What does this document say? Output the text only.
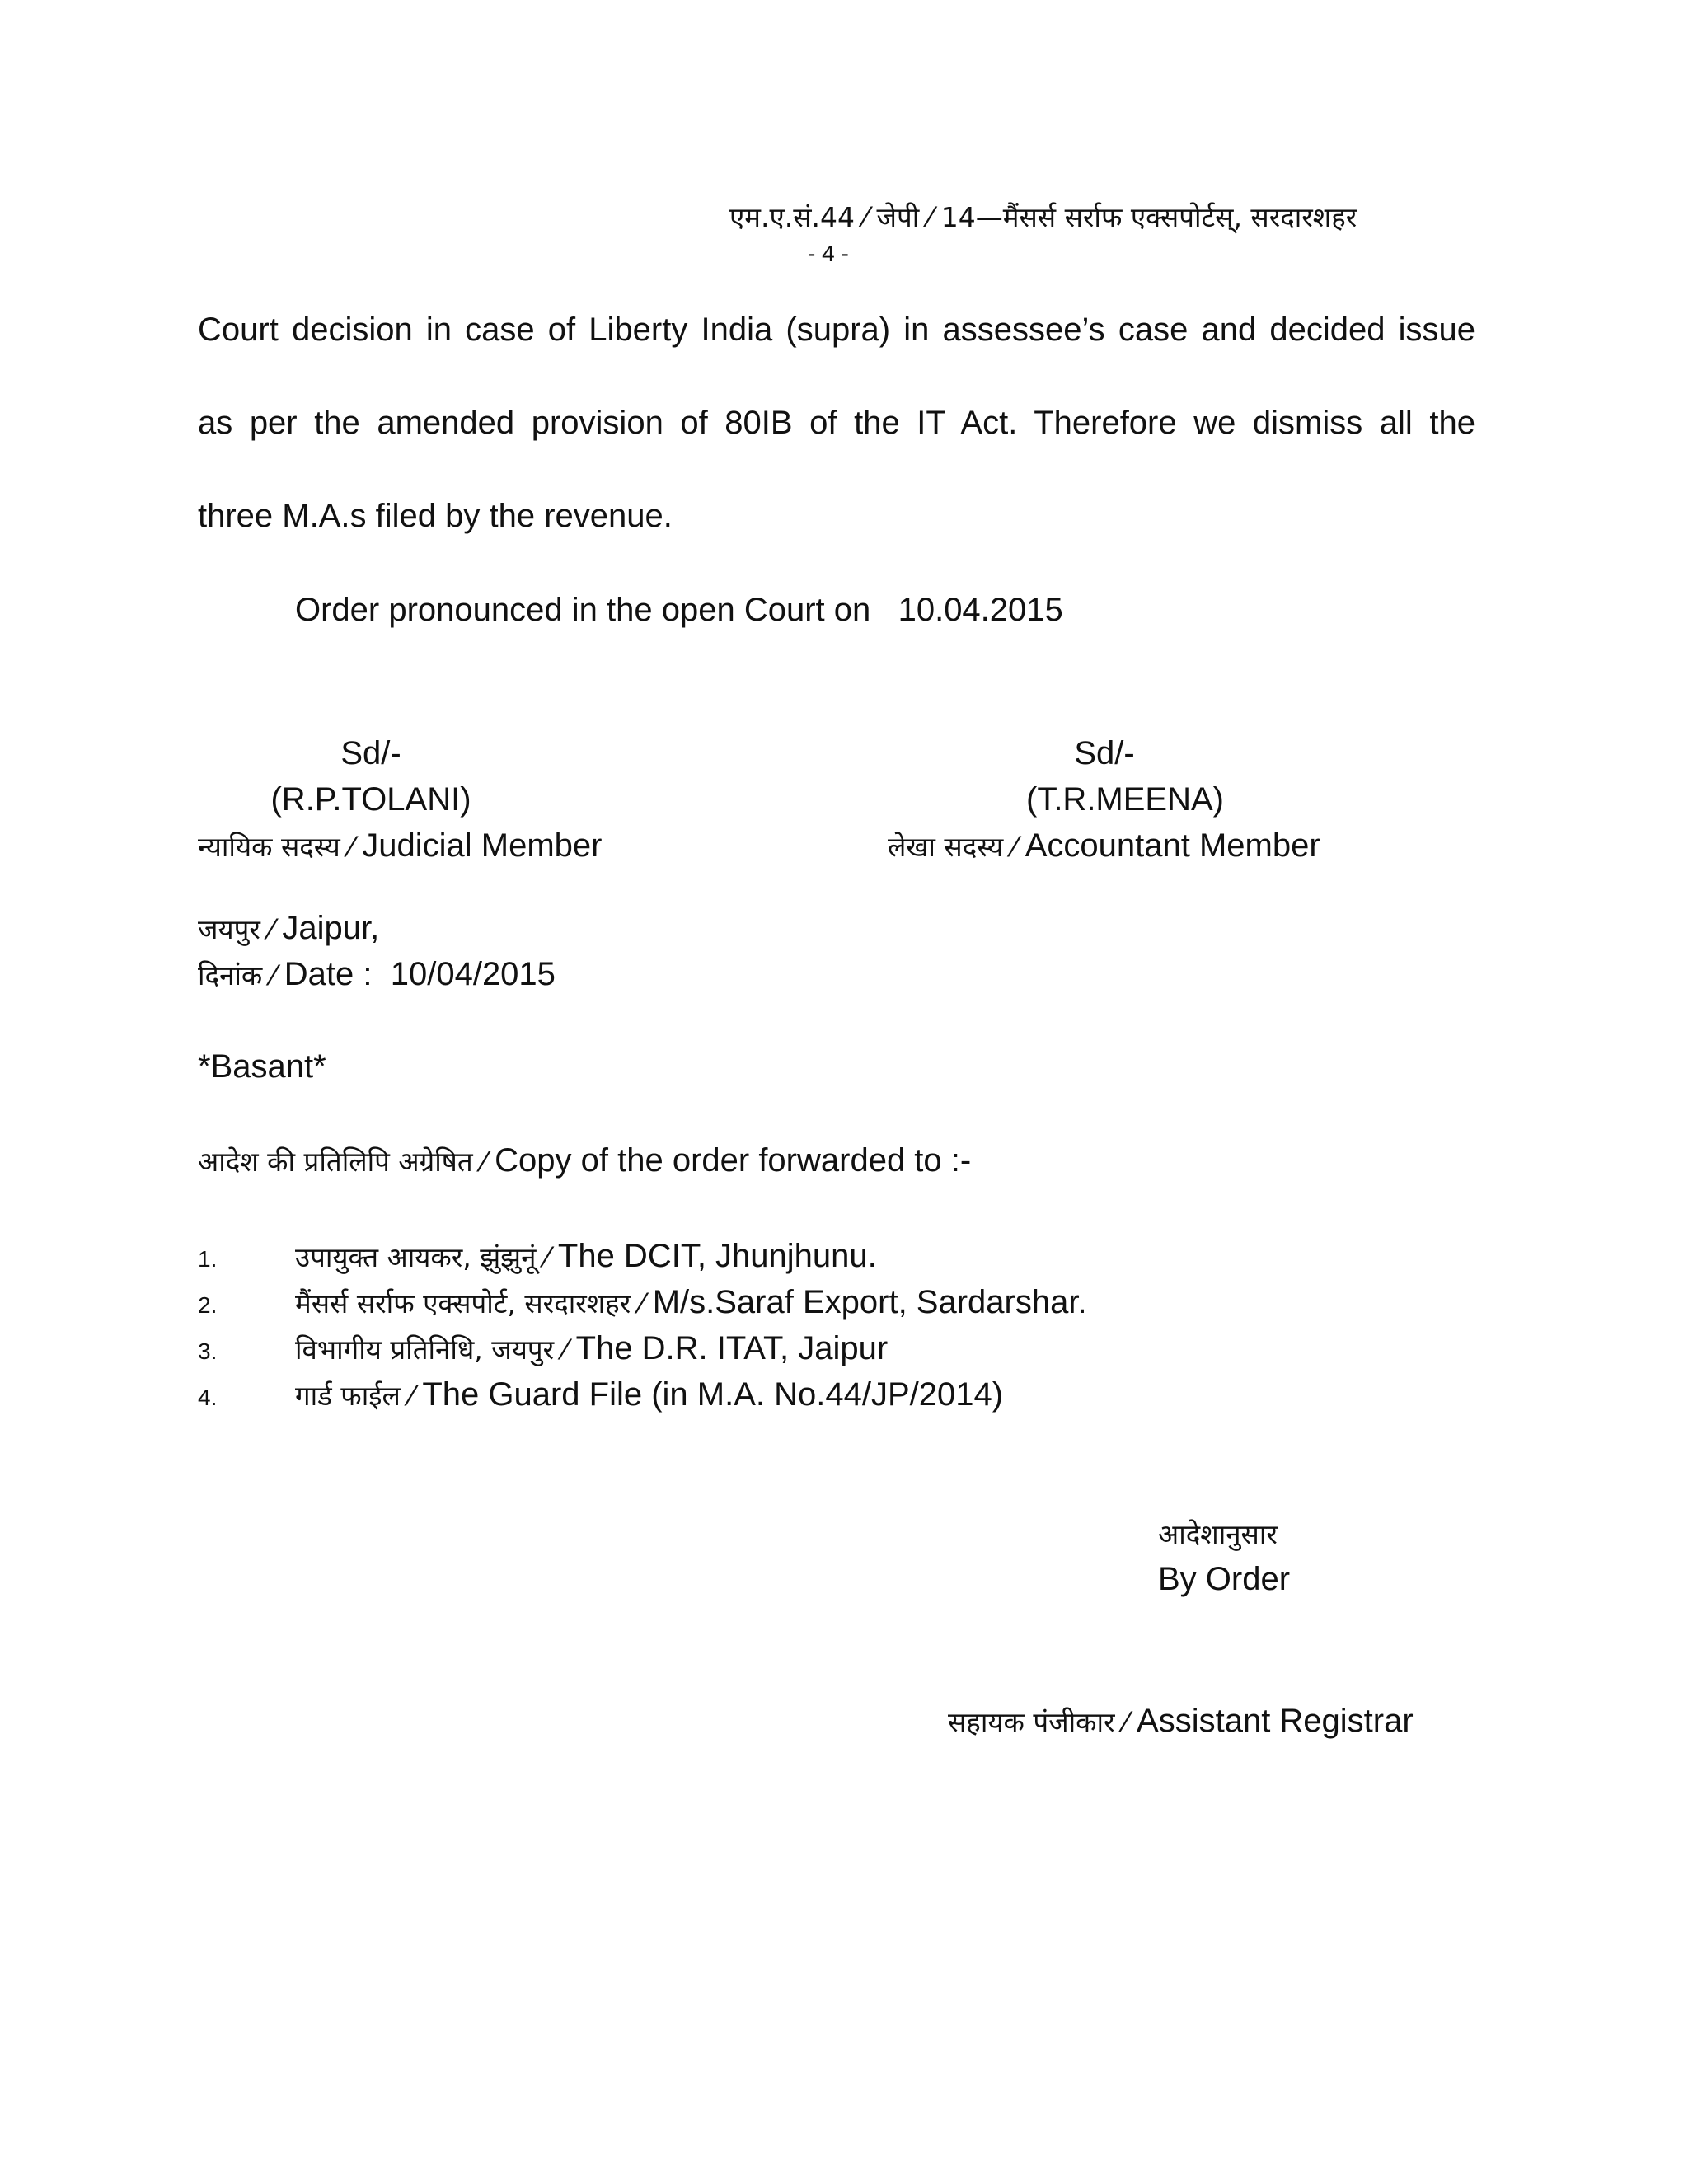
एम.ए.सं.44 ⁄ जेपी ⁄ 14—मैंसर्स सर्राफ एक्सपोर्टस्, सरदारशहर
- 4 -
Court decision in case of Liberty India (supra) in assessee’s case and decided issue
as per the amended provision of 80IB of the IT Act. Therefore we dismiss all the
three M.A.s filed by the revenue.
Order pronounced in the open Court on   10.04.2015
Sd/-
(R.P.TOLANI)
न्यायिक सदस्य ⁄ Judicial Member
Sd/-
(T.R.MEENA)
लेखा सदस्य ⁄ Accountant Member
जयपुर ⁄ Jaipur,
दिनांक ⁄ Date :  10/04/2015
*Basant*
आदेश की प्रतिलिपि अग्रेषित ⁄ Copy of the order forwarded to :-
1.	उपायुक्त आयकर, झुंझुनूं ⁄ The DCIT, Jhunjhunu.
2.	मैंसर्स सर्राफ एक्सपोर्ट, सरदारशहर ⁄ M/s.Saraf Export, Sardarshar.
3.	विभागीय प्रतिनिधि, जयपुर ⁄ The D.R. ITAT, Jaipur
4.	गार्ड फाईल ⁄ The Guard File (in M.A. No.44/JP/2014)
आदेशानुसार
By Order
सहायक पंजीकार ⁄ Assistant Registrar
